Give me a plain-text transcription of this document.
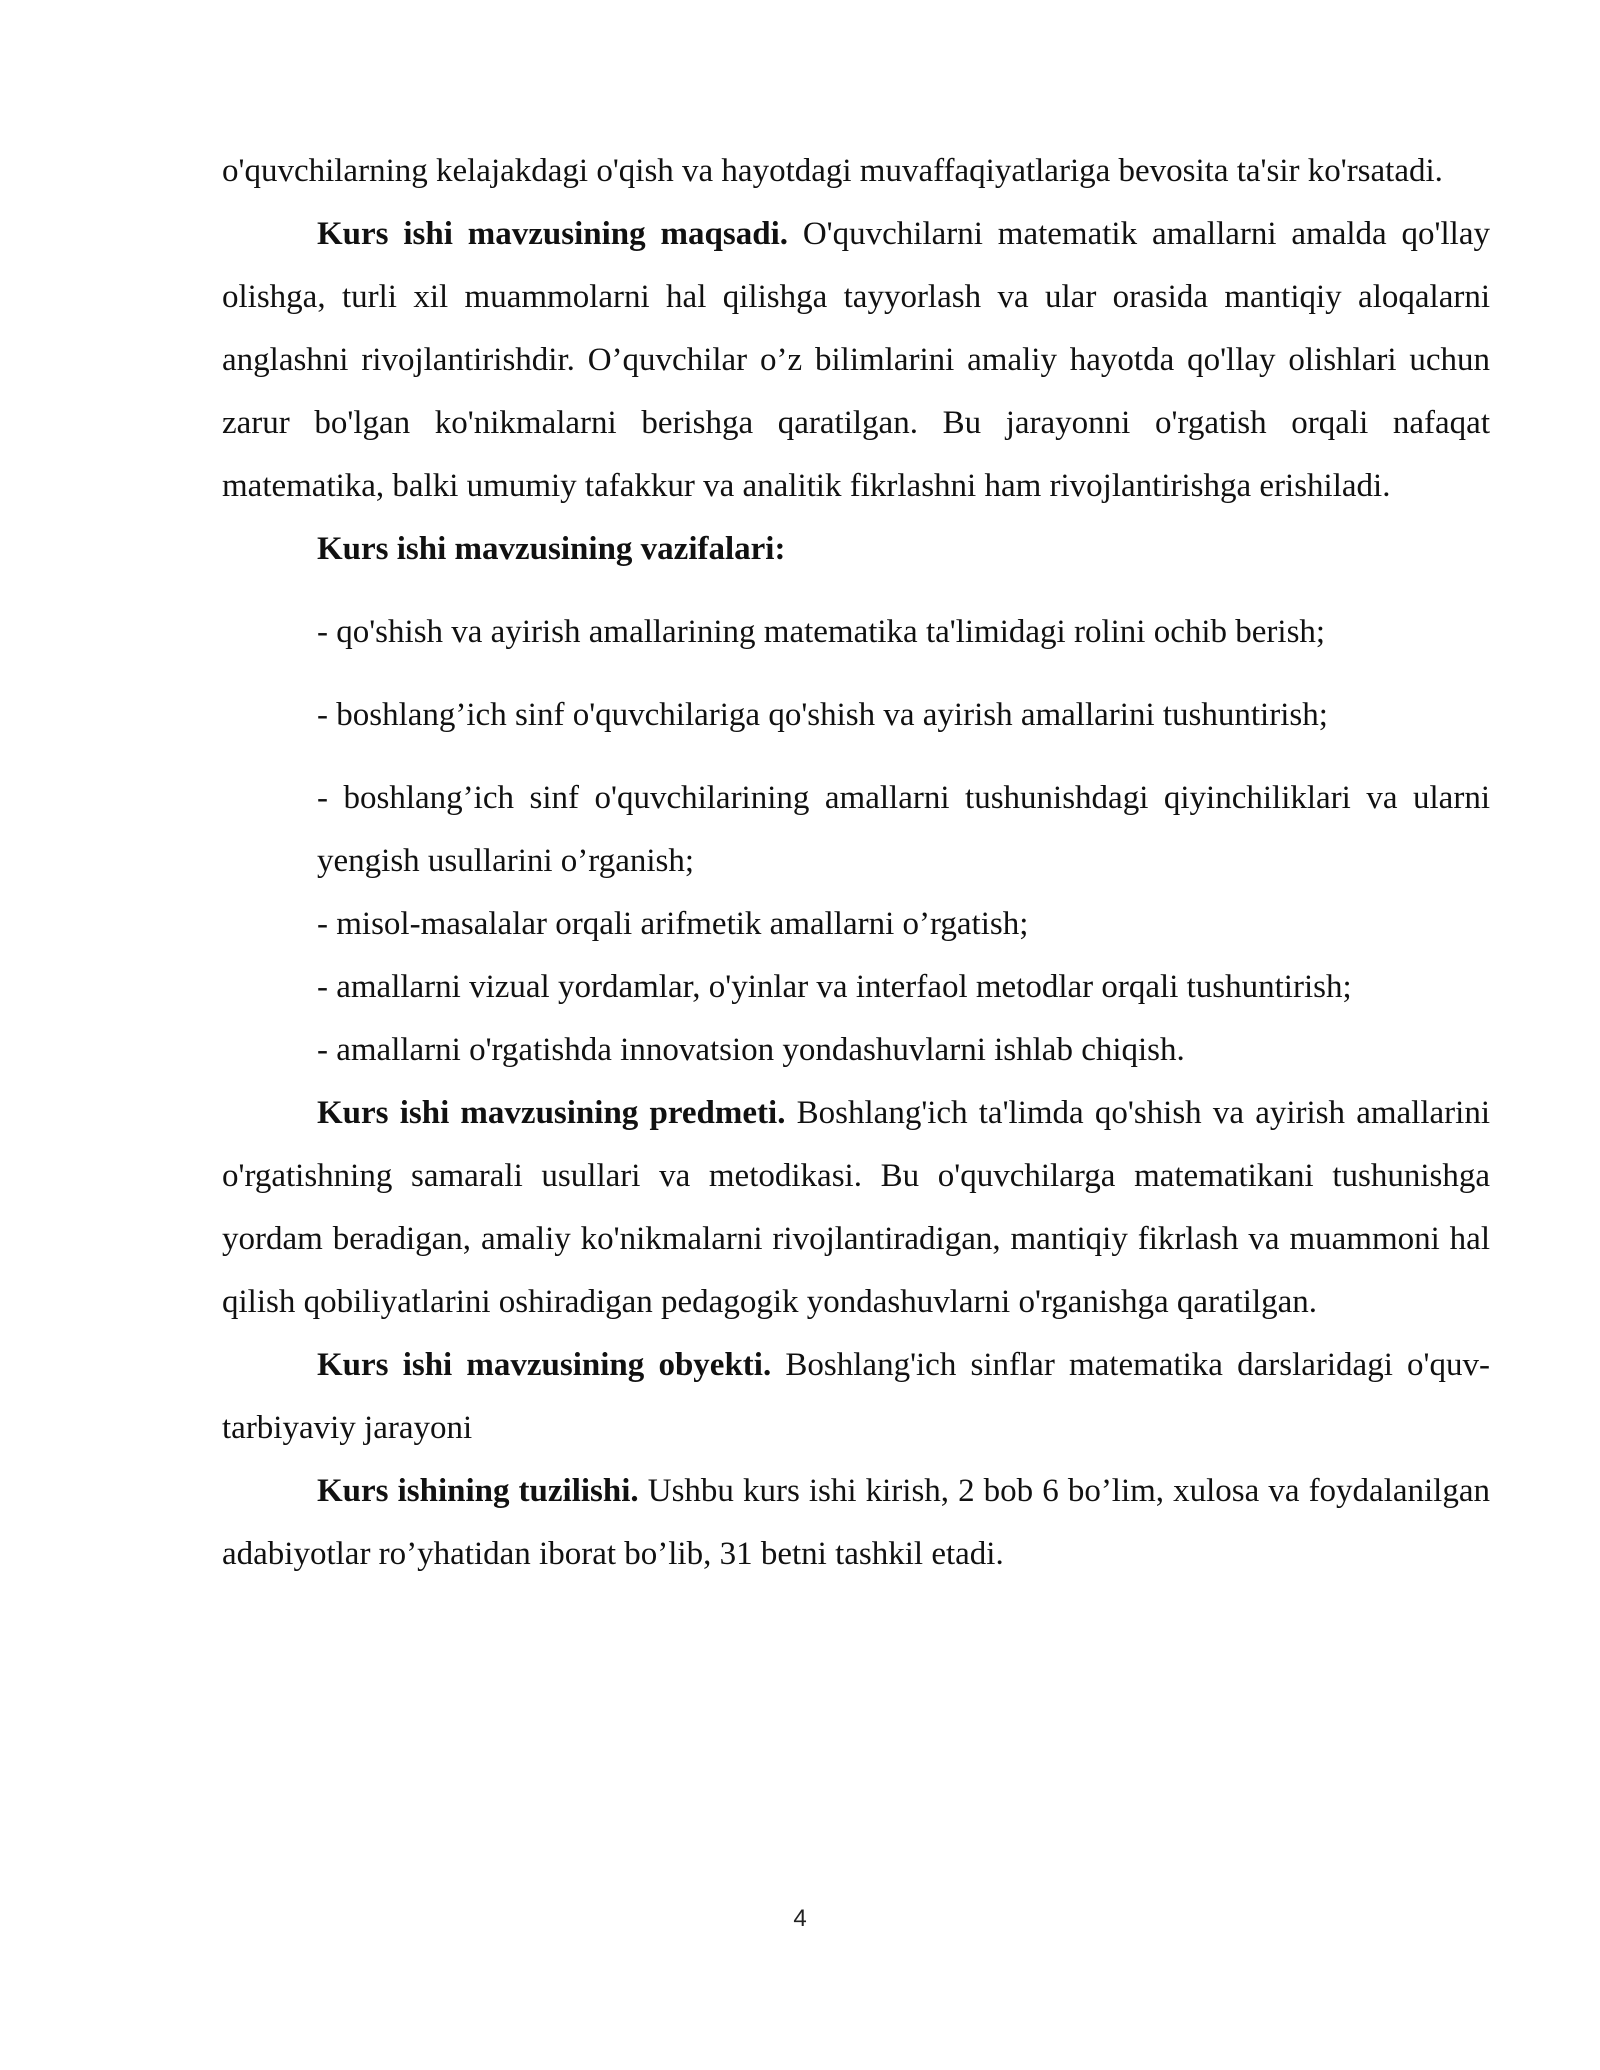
o'quvchilarning kelajakdagi o'qish va hayotdagi muvaffaqiyatlariga bevosita ta'sir ko'rsatadi.

Kurs ishi mavzusining maqsadi. O'quvchilarni matematik amallarni amalda qo'llay olishga, turli xil muammolarni hal qilishga tayyorlash va ular orasida mantiqiy aloqalarni anglashni rivojlantirishdir. O’quvchilar o’z bilimlarini amaliy hayotda qo'llay olishlari uchun zarur bo'lgan ko'nikmalarni berishga qaratilgan. Bu jarayonni o'rgatish orqali nafaqat matematika, balki umumiy tafakkur va analitik fikrlashni ham rivojlantirishga erishiladi.

Kurs ishi mavzusining vazifalari:

- qo'shish va ayirish amallarining matematika ta'limidagi rolini ochib berish;

- boshlang’ich sinf o'quvchilariga qo'shish va ayirish amallarini tushuntirish;

- boshlang’ich sinf o'quvchilarining amallarni tushunishdagi qiyinchiliklari va ularni yengish usullarini o’rganish;

- misol-masalalar orqali arifmetik amallarni o’rgatish;

- amallarni vizual yordamlar, o'yinlar va interfaol metodlar orqali tushuntirish;

- amallarni o'rgatishda innovatsion yondashuvlarni ishlab chiqish.

Kurs ishi mavzusining predmeti. Boshlang'ich ta'limda qo'shish va ayirish amallarini o'rgatishning samarali usullari va metodikasi. Bu o'quvchilarga matematikani tushunishga yordam beradigan, amaliy ko'nikmalarni rivojlantiradigan, mantiqiy fikrlash va muammoni hal qilish qobiliyatlarini oshiradigan pedagogik yondashuvlarni o'rganishga qaratilgan.

Kurs ishi mavzusining obyekti. Boshlang'ich sinflar matematika darslaridagi o'quv-tarbiyaviy jarayoni

Kurs ishining tuzilishi. Ushbu kurs ishi kirish, 2 bob 6 bo’lim, xulosa va foydalanilgan adabiyotlar ro’yhatidan iborat bo’lib, 31 betni tashkil etadi.

4
